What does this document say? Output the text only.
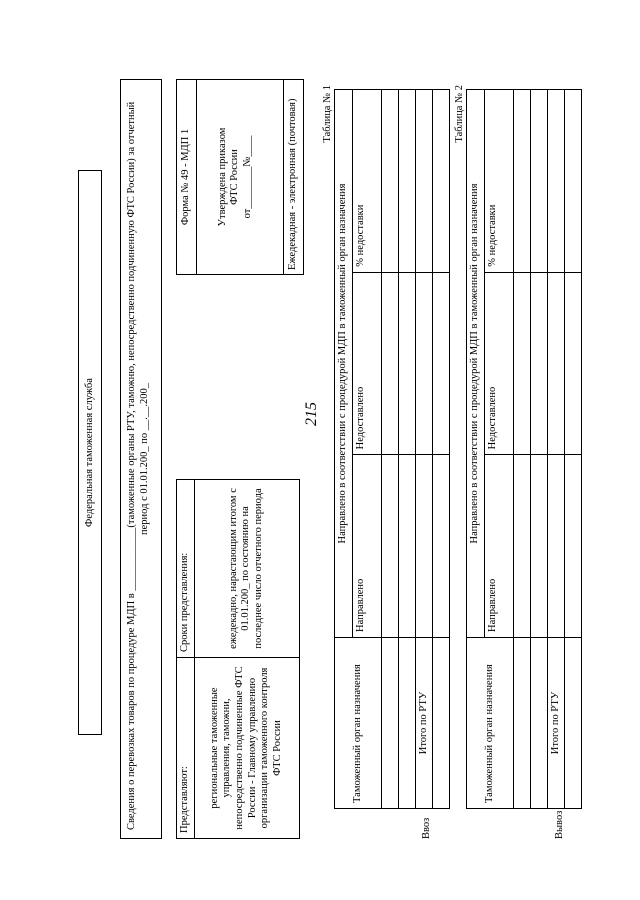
215
Федеральная таможенная служба	Сведения о перевозках товаров по процедуре МДП в ____________(таможенные органы РТУ, таможню, непосредственно подчиненную ФТС России) за отчетный период с 01.01.200_ по __.__.200_
Представляют:	Сроки представления:
региональные таможенные управления, таможни, непосредственно подчиненные ФТС России - Главному управлению организации таможенного контроля ФТС России	ежедекадно, нарастающим итогом с 01.01.200_ по состоянию на последнее число отчетного периода
Форма № 49 - МДП 1	Утверждена приказом ФТС России от________№____	Ежедекадная - электронная (почтовая)	Таблица № 1
Ввоз
Таможенный орган назначения	Направлено в соответствии с процедурой МДП в таможенный орган назначения		
	Направлено	Недоставлено	% недоставки

Итого по РТУ			

Таблица № 2
Вывоз
Таможенный орган назначения	Направлено в соответствии с процедурой МДП в таможенный орган назначения		
	Направлено	Недоставлено	% недоставки

Итого по РТУ			
